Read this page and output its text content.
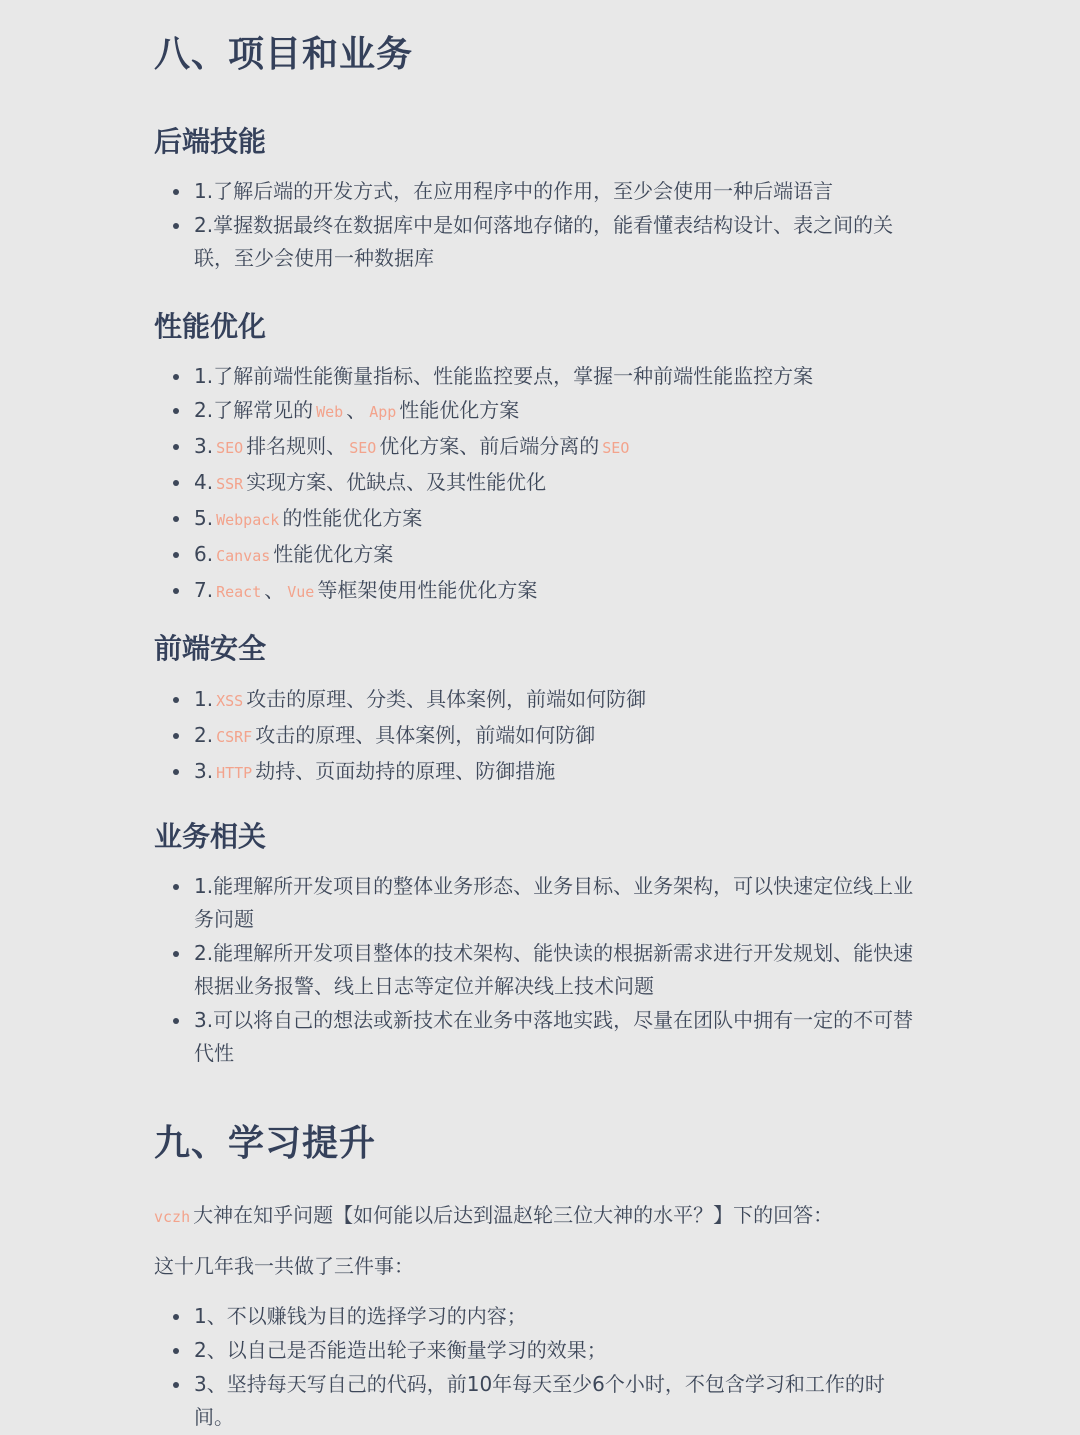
八、项目和业务
后端技能
1.了解后端的开发方式，在应用程序中的作用，至少会使用一种后端语言
2.掌握数据最终在数据库中是如何落地存储的，能看懂表结构设计、表之间的关联，至少会使用一种数据库
性能优化
1.了解前端性能衡量指标、性能监控要点，掌握一种前端性能监控方案
2.了解常见的 Web 、 App 性能优化方案
3. SEO 排名规则、 SEO 优化方案、前后端分离的 SEO
4. SSR 实现方案、优缺点、及其性能优化
5. Webpack 的性能优化方案
6. Canvas 性能优化方案
7. React 、 Vue 等框架使用性能优化方案
前端安全
1. XSS 攻击的原理、分类、具体案例，前端如何防御
2. CSRF 攻击的原理、具体案例，前端如何防御
3. HTTP 劫持、页面劫持的原理、防御措施
业务相关
1.能理解所开发项目的整体业务形态、业务目标、业务架构，可以快速定位线上业务问题
2.能理解所开发项目整体的技术架构、能快读的根据新需求进行开发规划、能快速根据业务报警、线上日志等定位并解决线上技术问题
3.可以将自己的想法或新技术在业务中落地实践，尽量在团队中拥有一定的不可替代性
九、学习提升

vczh 大神在知乎问题【如何能以后达到温赵轮三位大神的水平？】下的回答：

这十几年我一共做了三件事：

1、不以赚钱为目的选择学习的内容；
2、以自己是否能造出轮子来衡量学习的效果；
3、坚持每天写自己的代码，前10年每天至少6个小时，不包含学习和工作的时间。
